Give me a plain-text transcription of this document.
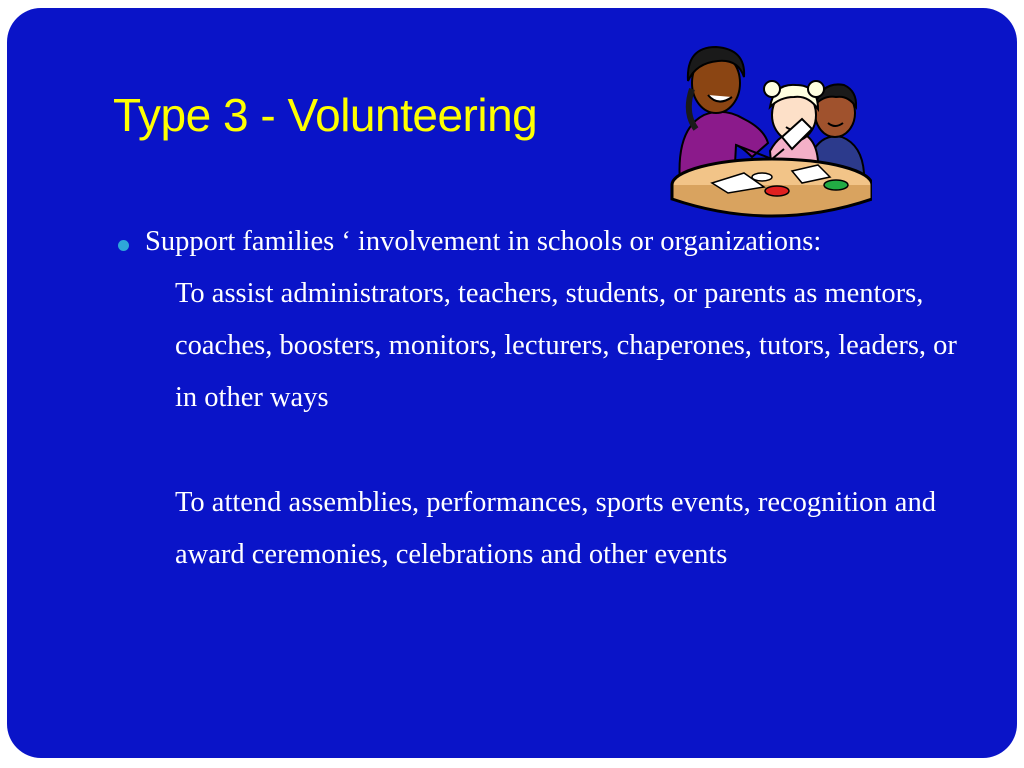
Type 3 - Volunteering
Support families ‘ involvement in schools or organizations:
To assist administrators, teachers, students, or parents as mentors, coaches, boosters, monitors, lecturers, chaperones, tutors, leaders, or in other ways
To attend assemblies, performances, sports events, recognition and award ceremonies, celebrations and other events
